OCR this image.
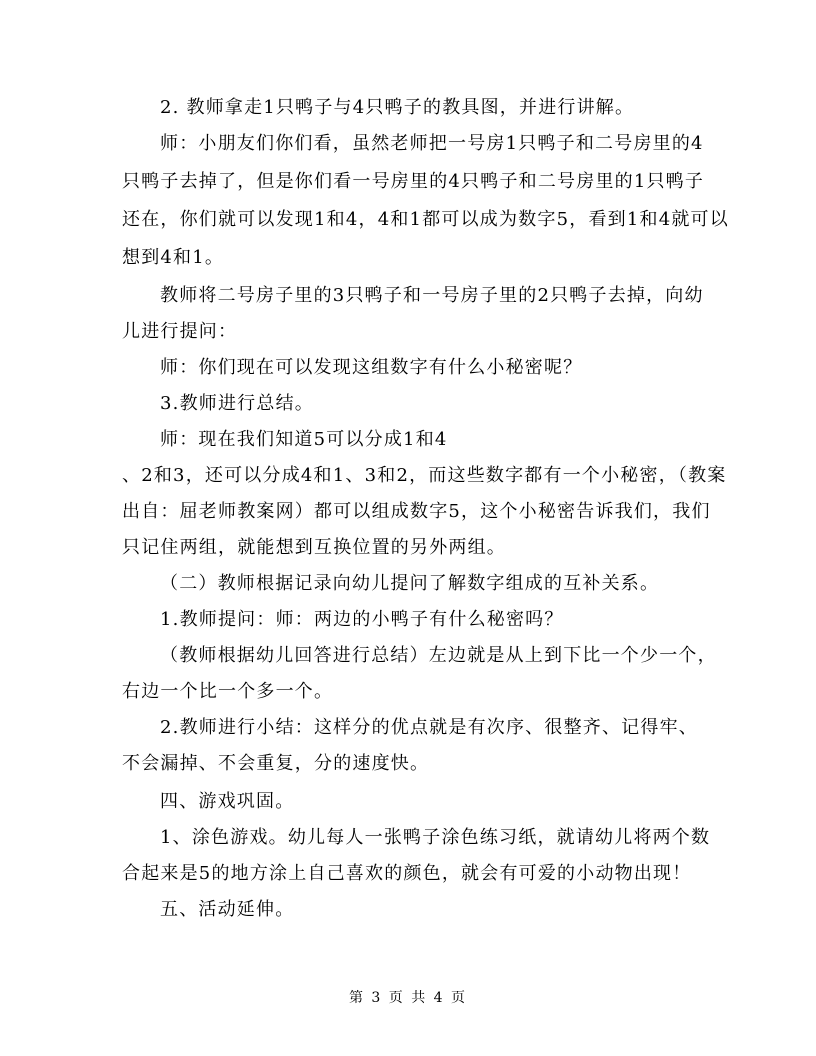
2. 教师拿走1只鸭子与4只鸭子的教具图，并进行讲解。
师：小朋友们你们看，虽然老师把一号房1只鸭子和二号房里的4
只鸭子去掉了，但是你们看一号房里的4只鸭子和二号房里的1只鸭子
还在，你们就可以发现1和4，4和1都可以成为数字5，看到1和4就可以
想到4和1。
教师将二号房子里的3只鸭子和一号房子里的2只鸭子去掉，向幼
儿进行提问：
师：你们现在可以发现这组数字有什么小秘密呢？
3.教师进行总结。
师：现在我们知道5可以分成1和4
、2和3，还可以分成4和1、3和2，而这些数字都有一个小秘密，（教案
出自：屈老师教案网）都可以组成数字5，这个小秘密告诉我们，我们
只记住两组，就能想到互换位置的另外两组。
（二）教师根据记录向幼儿提问了解数字组成的互补关系。
1.教师提问：师：两边的小鸭子有什么秘密吗？
（教师根据幼儿回答进行总结）左边就是从上到下比一个少一个，
右边一个比一个多一个。
2.教师进行小结：这样分的优点就是有次序、很整齐、记得牢、
不会漏掉、不会重复，分的速度快。
四、游戏巩固。
1、涂色游戏。幼儿每人一张鸭子涂色练习纸，就请幼儿将两个数
合起来是5的地方涂上自己喜欢的颜色，就会有可爱的小动物出现！
五、活动延伸。
第 3 页 共 4 页
